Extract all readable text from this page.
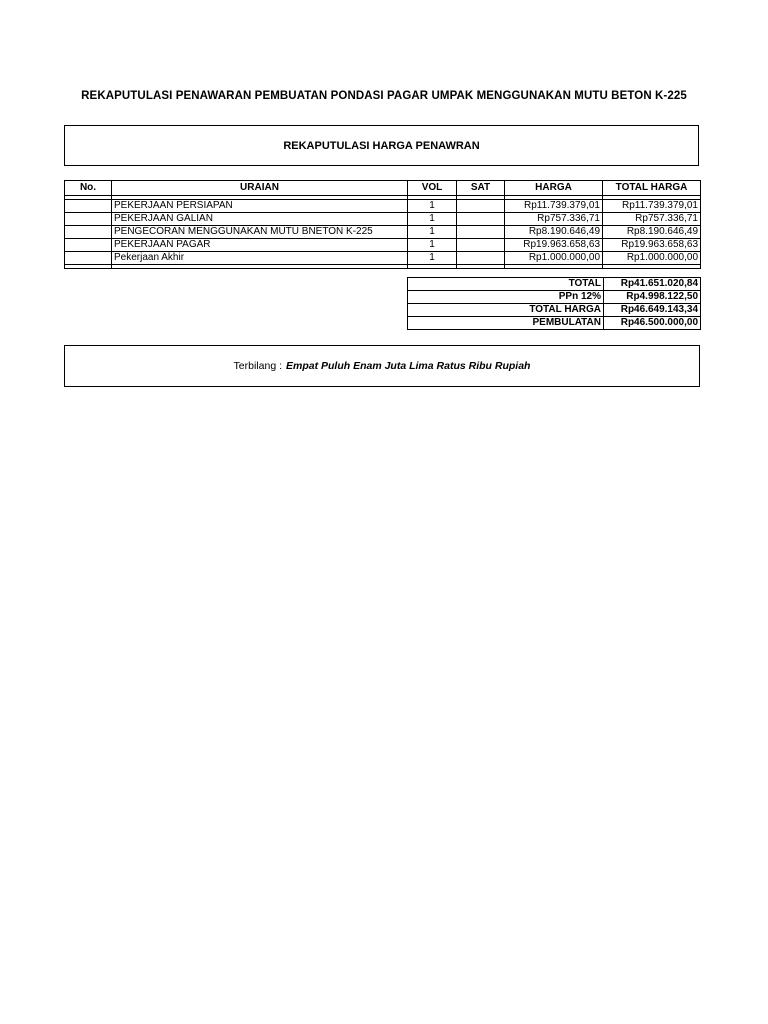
REKAPUTULASI PENAWARAN PEMBUATAN PONDASI PAGAR UMPAK MENGGUNAKAN MUTU BETON K-225
REKAPUTULASI HARGA PENAWRAN
No.	URAIAN	VOL	SAT	HARGA	TOTAL HARGA

	PEKERJAAN PERSIAPAN	1		Rp11.739.379,01	Rp11.739.379,01
	PEKERJAAN GALIAN	1		Rp757.336,71	Rp757.336,71
	PENGECORAN MENGGUNAKAN MUTU BNETON K-225	1		Rp8.190.646,49	Rp8.190.646,49
	PEKERJAAN PAGAR	1		Rp19.963.658,63	Rp19.963.658,63
	Pekerjaan Akhir	1		Rp1.000.000,00	Rp1.000.000,00

TOTAL	Rp41.651.020,84
PPn 12%	Rp4.998.122,50
TOTAL HARGA	Rp46.649.143,34
PEMBULATAN	Rp46.500.000,00
Terbilang : Empat Puluh Enam Juta Lima Ratus Ribu Rupiah
